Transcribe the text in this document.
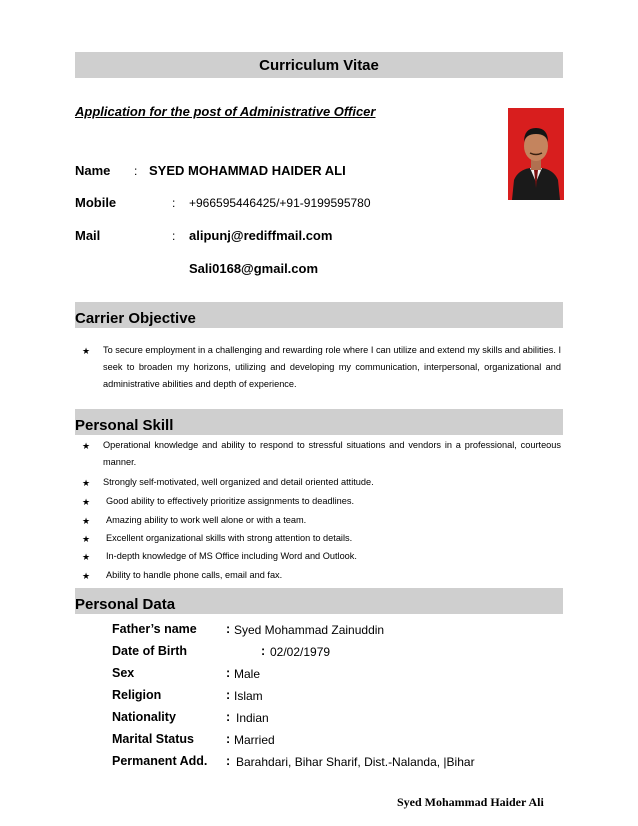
Curriculum Vitae
Application for the post of Administrative Officer
Name : SYED MOHAMMAD HAIDER ALI
Mobile	: +966595446425/+91-9199595780
Mail	: alipunj@rediffmail.com
Sali0168@gmail.com
Carrier Objective
★ To secure employment in a challenging and rewarding role where I can utilize and extend my skills and abilities. I seek to broaden my horizons, utilizing and developing my communication, interpersonal, organizational and administrative abilities and depth of experience.
Personal Skill
★ Operational knowledge and ability to respond to stressful situations and vendors in a professional, courteous manner.
★ Strongly self-motivated, well organized and detail oriented attitude.
★ Good ability to effectively prioritize assignments to deadlines.
★ Amazing ability to work well alone or with a team.
★ Excellent organizational skills with strong attention to details.
★ In-depth knowledge of MS Office including Word and Outlook.
★ Ability to handle phone calls, email and fax.
Personal Data
Father’s name : Syed Mohammad Zainuddin
Date of Birth	: 02/02/1979
Sex	: Male
Religion	: Islam
Nationality	: Indian
Marital Status	: Married
Permanent Add. : Barahdari, Bihar Sharif, Dist.-Nalanda, |Bihar
Syed Mohammad Haider Ali
